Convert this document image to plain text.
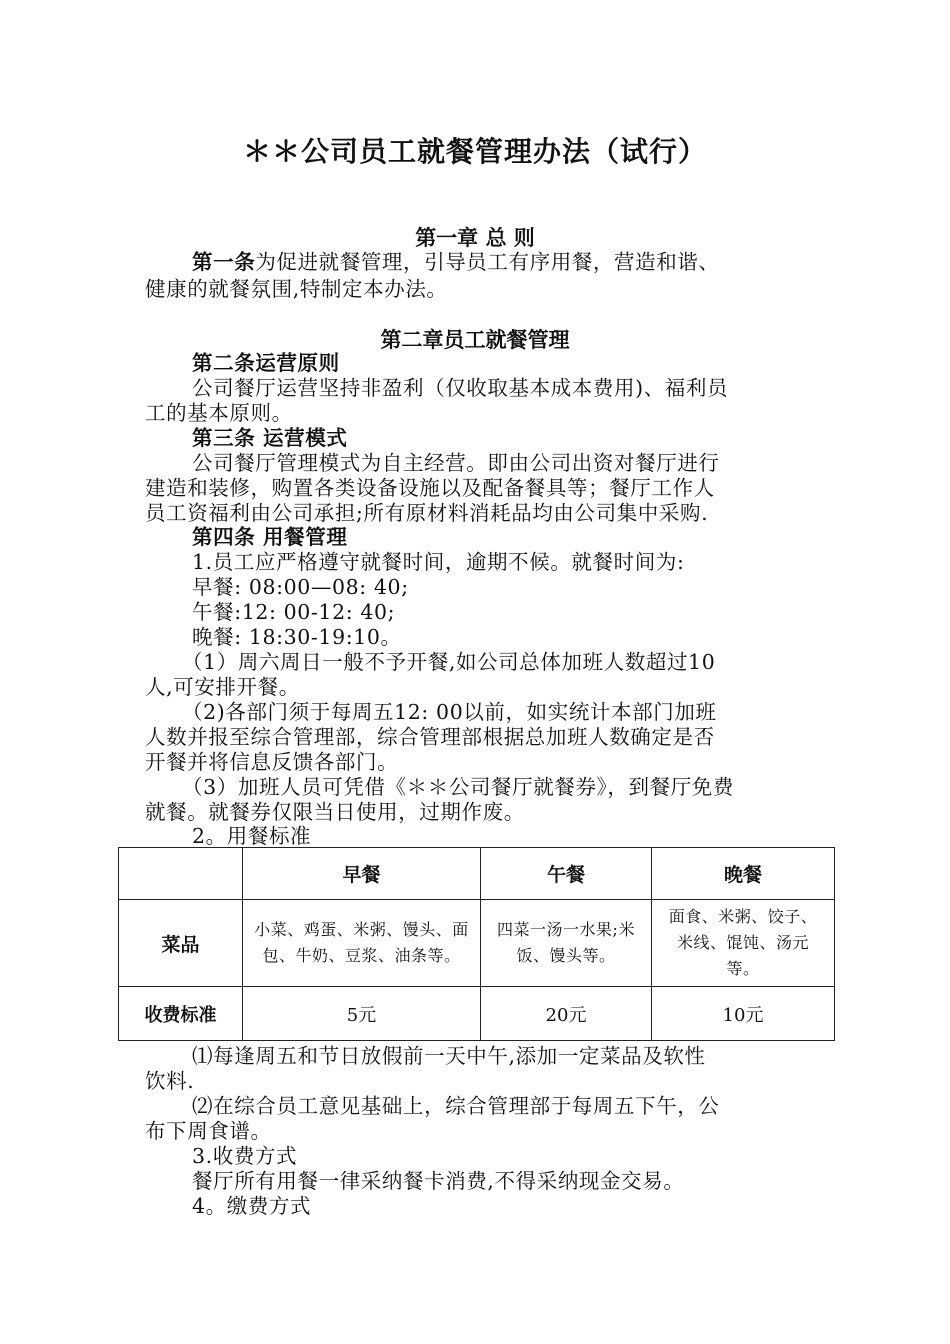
＊＊公司员工就餐管理办法（试行）
第一章 总 则
第一条为促进就餐管理，引导员工有序用餐，营造和谐、
健康的就餐氛围,特制定本办法。
第二章员工就餐管理
第二条运营原则
公司餐厅运营坚持非盈利（仅收取基本成本费用)、福利员
工的基本原则。
第三条 运营模式
公司餐厅管理模式为自主经营。即由公司出资对餐厅进行
建造和装修，购置各类设备设施以及配备餐具等；餐厅工作人
员工资福利由公司承担;所有原材料消耗品均由公司集中采购.
第四条 用餐管理
1.员工应严格遵守就餐时间，逾期不候。就餐时间为:
早餐: 08:00—08: 40;
午餐:12: 00-12: 40;
晚餐: 18:30-19:10。
（1）周六周日一般不予开餐,如公司总体加班人数超过10
人,可安排开餐。
（2)各部门须于每周五12: 00以前，如实统计本部门加班
人数并报至综合管理部，综合管理部根据总加班人数确定是否
开餐并将信息反馈各部门。
（3）加班人员可凭借《＊＊公司餐厅就餐券》，到餐厅免费
就餐。就餐券仅限当日使用，过期作废。
2。用餐标准
	早餐	午餐	晚餐
菜品	小菜、鸡蛋、米粥、馒头、面包、牛奶、豆浆、油条等。	四菜一汤一水果;米饭、馒头等。	面食、米粥、饺子、米线、馄饨、汤元等。
收费标准	5元	20元	10元
⑴每逢周五和节日放假前一天中午,添加一定菜品及软性
饮料.
⑵在综合员工意见基础上，综合管理部于每周五下午，公
布下周食谱。
3.收费方式
餐厅所有用餐一律采纳餐卡消费,不得采纳现金交易。
4。缴费方式
